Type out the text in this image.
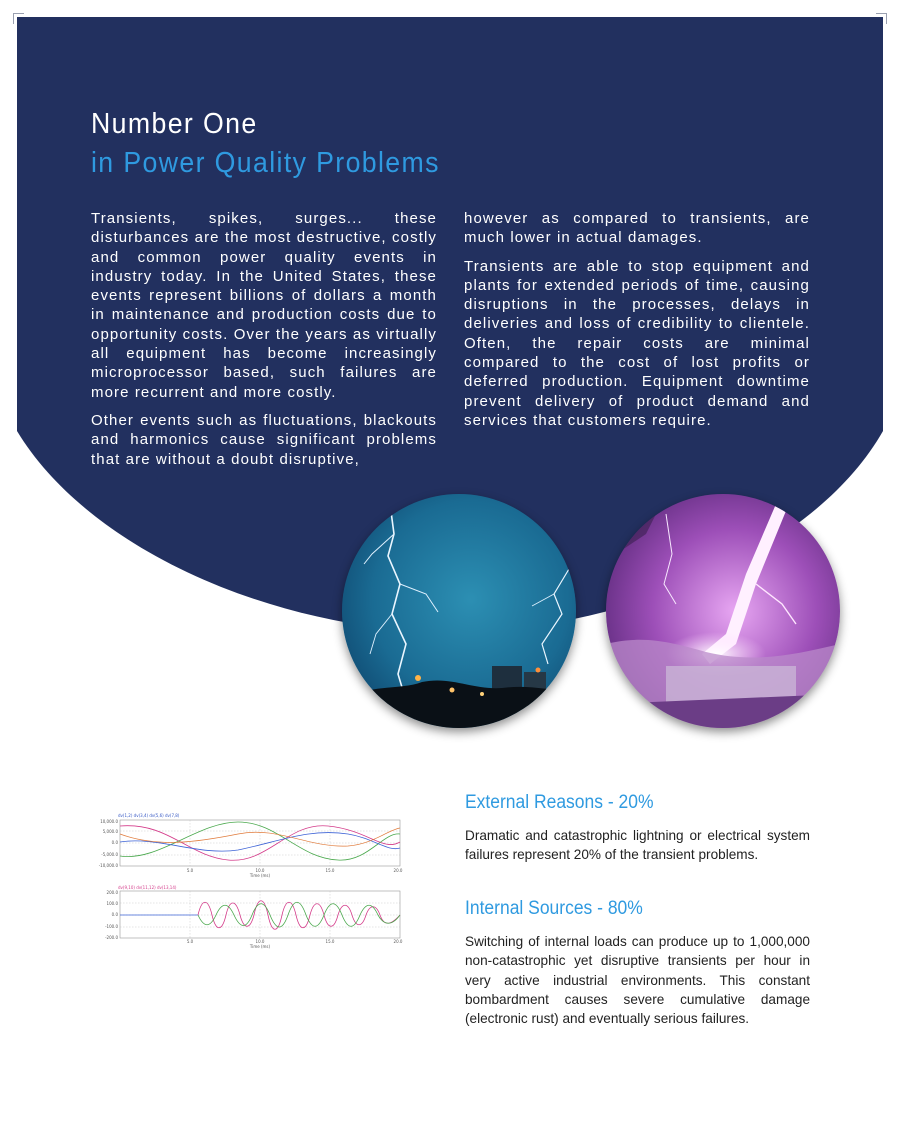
Number One
in Power Quality Problems

Transients, spikes, surges... these disturbances are the most destructive, costly and common power quality events in industry today. In the United States, these events represent billions of dollars a month in maintenance and production costs due to opportunity costs. Over the years as virtually all equipment has become increasingly microprocessor based, such failures are more recurrent and more costly.

Other events such as fluctuations, blackouts and harmonics cause significant problems that are without a doubt disruptive,

however as compared to transients, are much lower in actual damages.

Transients are able to stop equipment and plants for extended periods of time, causing disruptions in the processes, delays in deliveries and loss of credibility to clientele. Often, the repair costs are minimal compared to the cost of lost profits or deferred production. Equipment downtime prevent delivery of product demand and services that customers require.

dv(1,2) dv(3,4) dv(5,6) dv(7,8)
10,000.0
5,000.0
0.0
-5,000.0
-10,000.0
5.0	10.0	15.0	20.0
Time (ms)
dv(9,10) dv(11,12) dv(13,14)
200.0
100.0
0.0
-100.0
-200.0
5.0	10.0	15.0	20.0
Time (ms)
External Reasons - 20%

Dramatic and catastrophic lightning or electrical system failures represent 20% of the transient problems.

Internal Sources - 80%

Switching of internal loads can produce up to 1,000,000 non-catastrophic yet disruptive transients per hour in very active industrial environments. This constant bombardment causes severe cumulative damage (electronic rust) and eventually serious failures.
